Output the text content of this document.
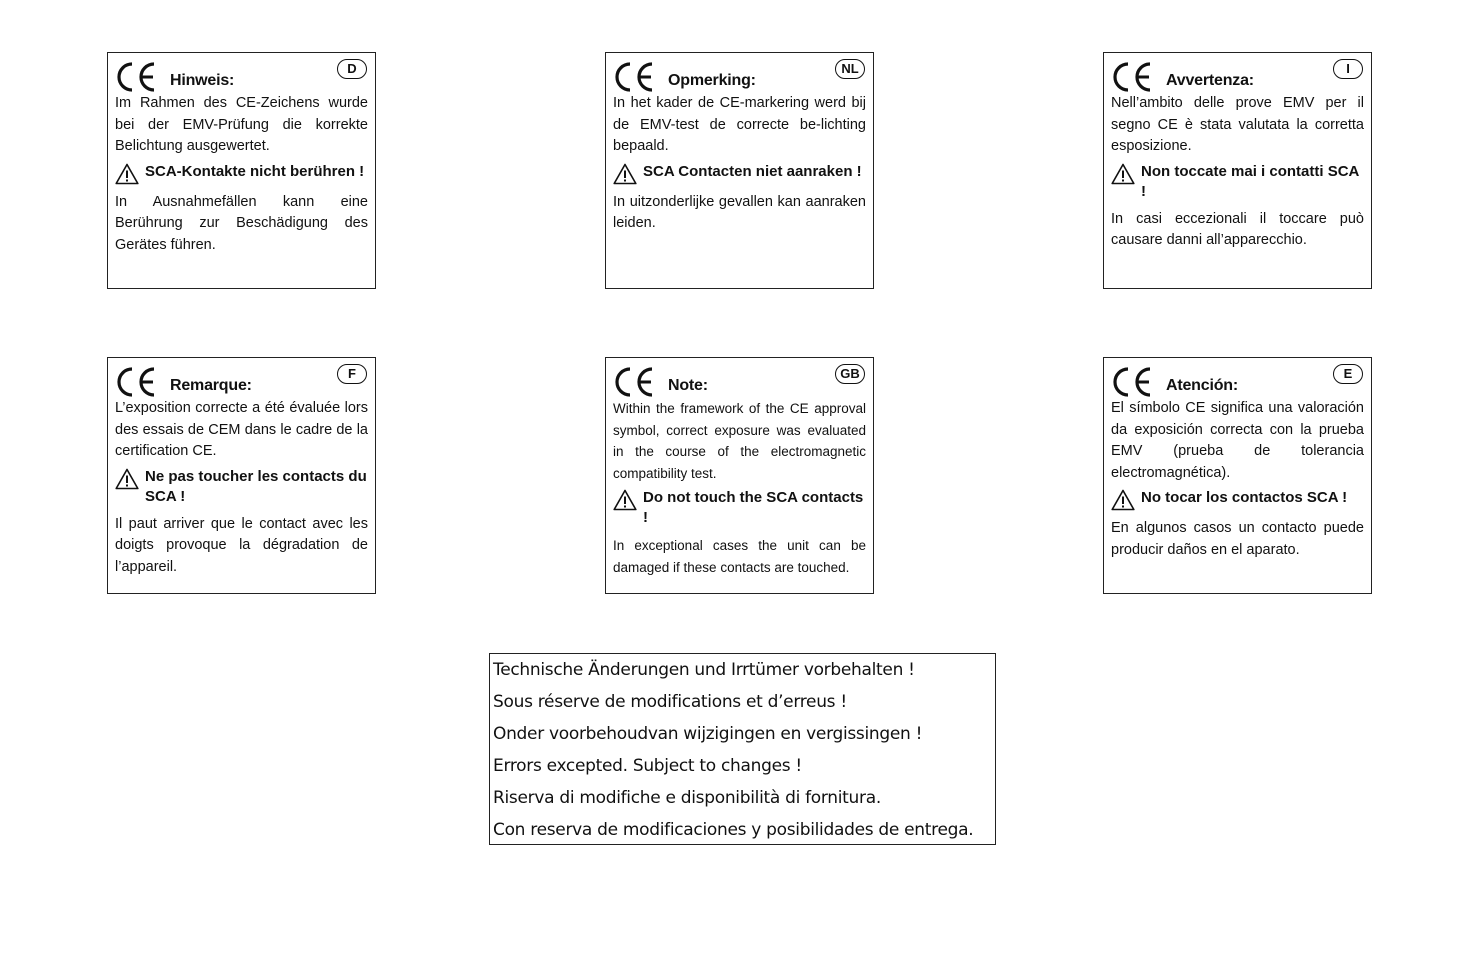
Hinweis:
D

Im Rahmen des CE-Zeichens wurde bei der EMV-Prüfung die korrekte Belichtung ausgewertet.

SCA-Kontakte nicht berühren !

In Ausnahmefällen kann eine Berührung zur Beschädigung des Gerätes führen.

Opmerking:
NL

In het kader de CE-markering werd bij de EMV-test de correcte be-lichting bepaald.

SCA Contacten niet aanraken !

In uitzonderlijke gevallen kan aanraken leiden.

Avvertenza:
I

Nell’ambito delle prove EMV per il segno CE è stata valutata la corretta esposizione.

Non toccate mai i contatti SCA !

In casi eccezionali il toccare può causare danni all’apparecchio.

Remarque:
F

L’exposition correcte a été évaluée lors des essais de CEM dans le cadre de la certification CE.

Ne pas toucher les contacts du SCA !

Il paut arriver que le contact avec les doigts provoque la dégradation de l’appareil.

Note:
GB

Within the framework of the CE approval symbol, correct exposure was evaluated in the course of the electromagnetic compatibility test.

Do not touch the SCA contacts !

In exceptional cases the unit can be damaged if these contacts are touched.

Atención:
E

El símbolo CE significa una valoración da exposición correcta con la prueba EMV (prueba de tolerancia electromagnética).

No tocar los contactos SCA !

En algunos casos un contacto puede producir daños en el aparato.

Technische Änderungen und Irrtümer vorbehalten !
Sous réserve de modifications et d’erreus !
Onder voorbehoudvan wijzigingen en vergissingen !
Errors excepted. Subject to changes !
Riserva di modifiche e disponibilità di fornitura.
Con reserva de modificaciones y posibilidades de entrega.
